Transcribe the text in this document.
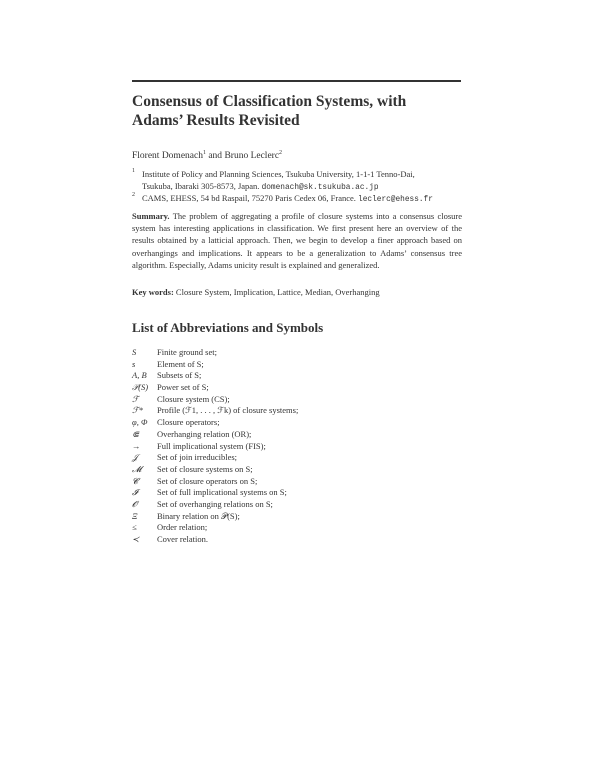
Consensus of Classification Systems, with
Adams’ Results Revisited
Florent Domenach$^1$ and Bruno Leclerc$^2$
1 Institute of Policy and Planning Sciences, Tsukuba University, 1-1-1 Tenno-Dai,
Tsukuba, Ibaraki 305-8573, Japan. domenach@sk.tsukuba.ac.jp
2 CAMS, EHESS, 54 bd Raspail, 75270 Paris Cedex 06, France. leclerc@ehess.fr

Summary. The problem of aggregating a profile of closure systems into a consensus closure system has interesting applications in classification. We first present here an overview of the results obtained by a latticial approach. Then, we begin to develop a finer approach based on overhangings and implications. It appears to be a generalization to Adams’ consensus tree algorithm. Especially, Adams unicity result is explained and generalized.

Key words: Closure System, Implication, Lattice, Median, Overhanging

List of Abbreviations and Symbols
S Finite ground set;
s	Element of S;
A, B Subsets of S;
𝒫(S) Power set of S;
ℱ Closure system (CS);
ℱ* Profile (ℱ1, . . . , ℱk) of closure systems;
φ, Φ Closure operators;
⋐ Overhanging relation (OR);
→ Full implicational system (FIS);
𝒥 Set of join irreducibles;
𝓜 Set of closure systems on S;
𝓒 Set of closure operators on S;
𝓘 Set of full implicational systems on S;
𝓞 Set of overhanging relations on S;
Ξ Binary relation on 𝒫(S);
≤ Order relation;
≺ Cover relation.
